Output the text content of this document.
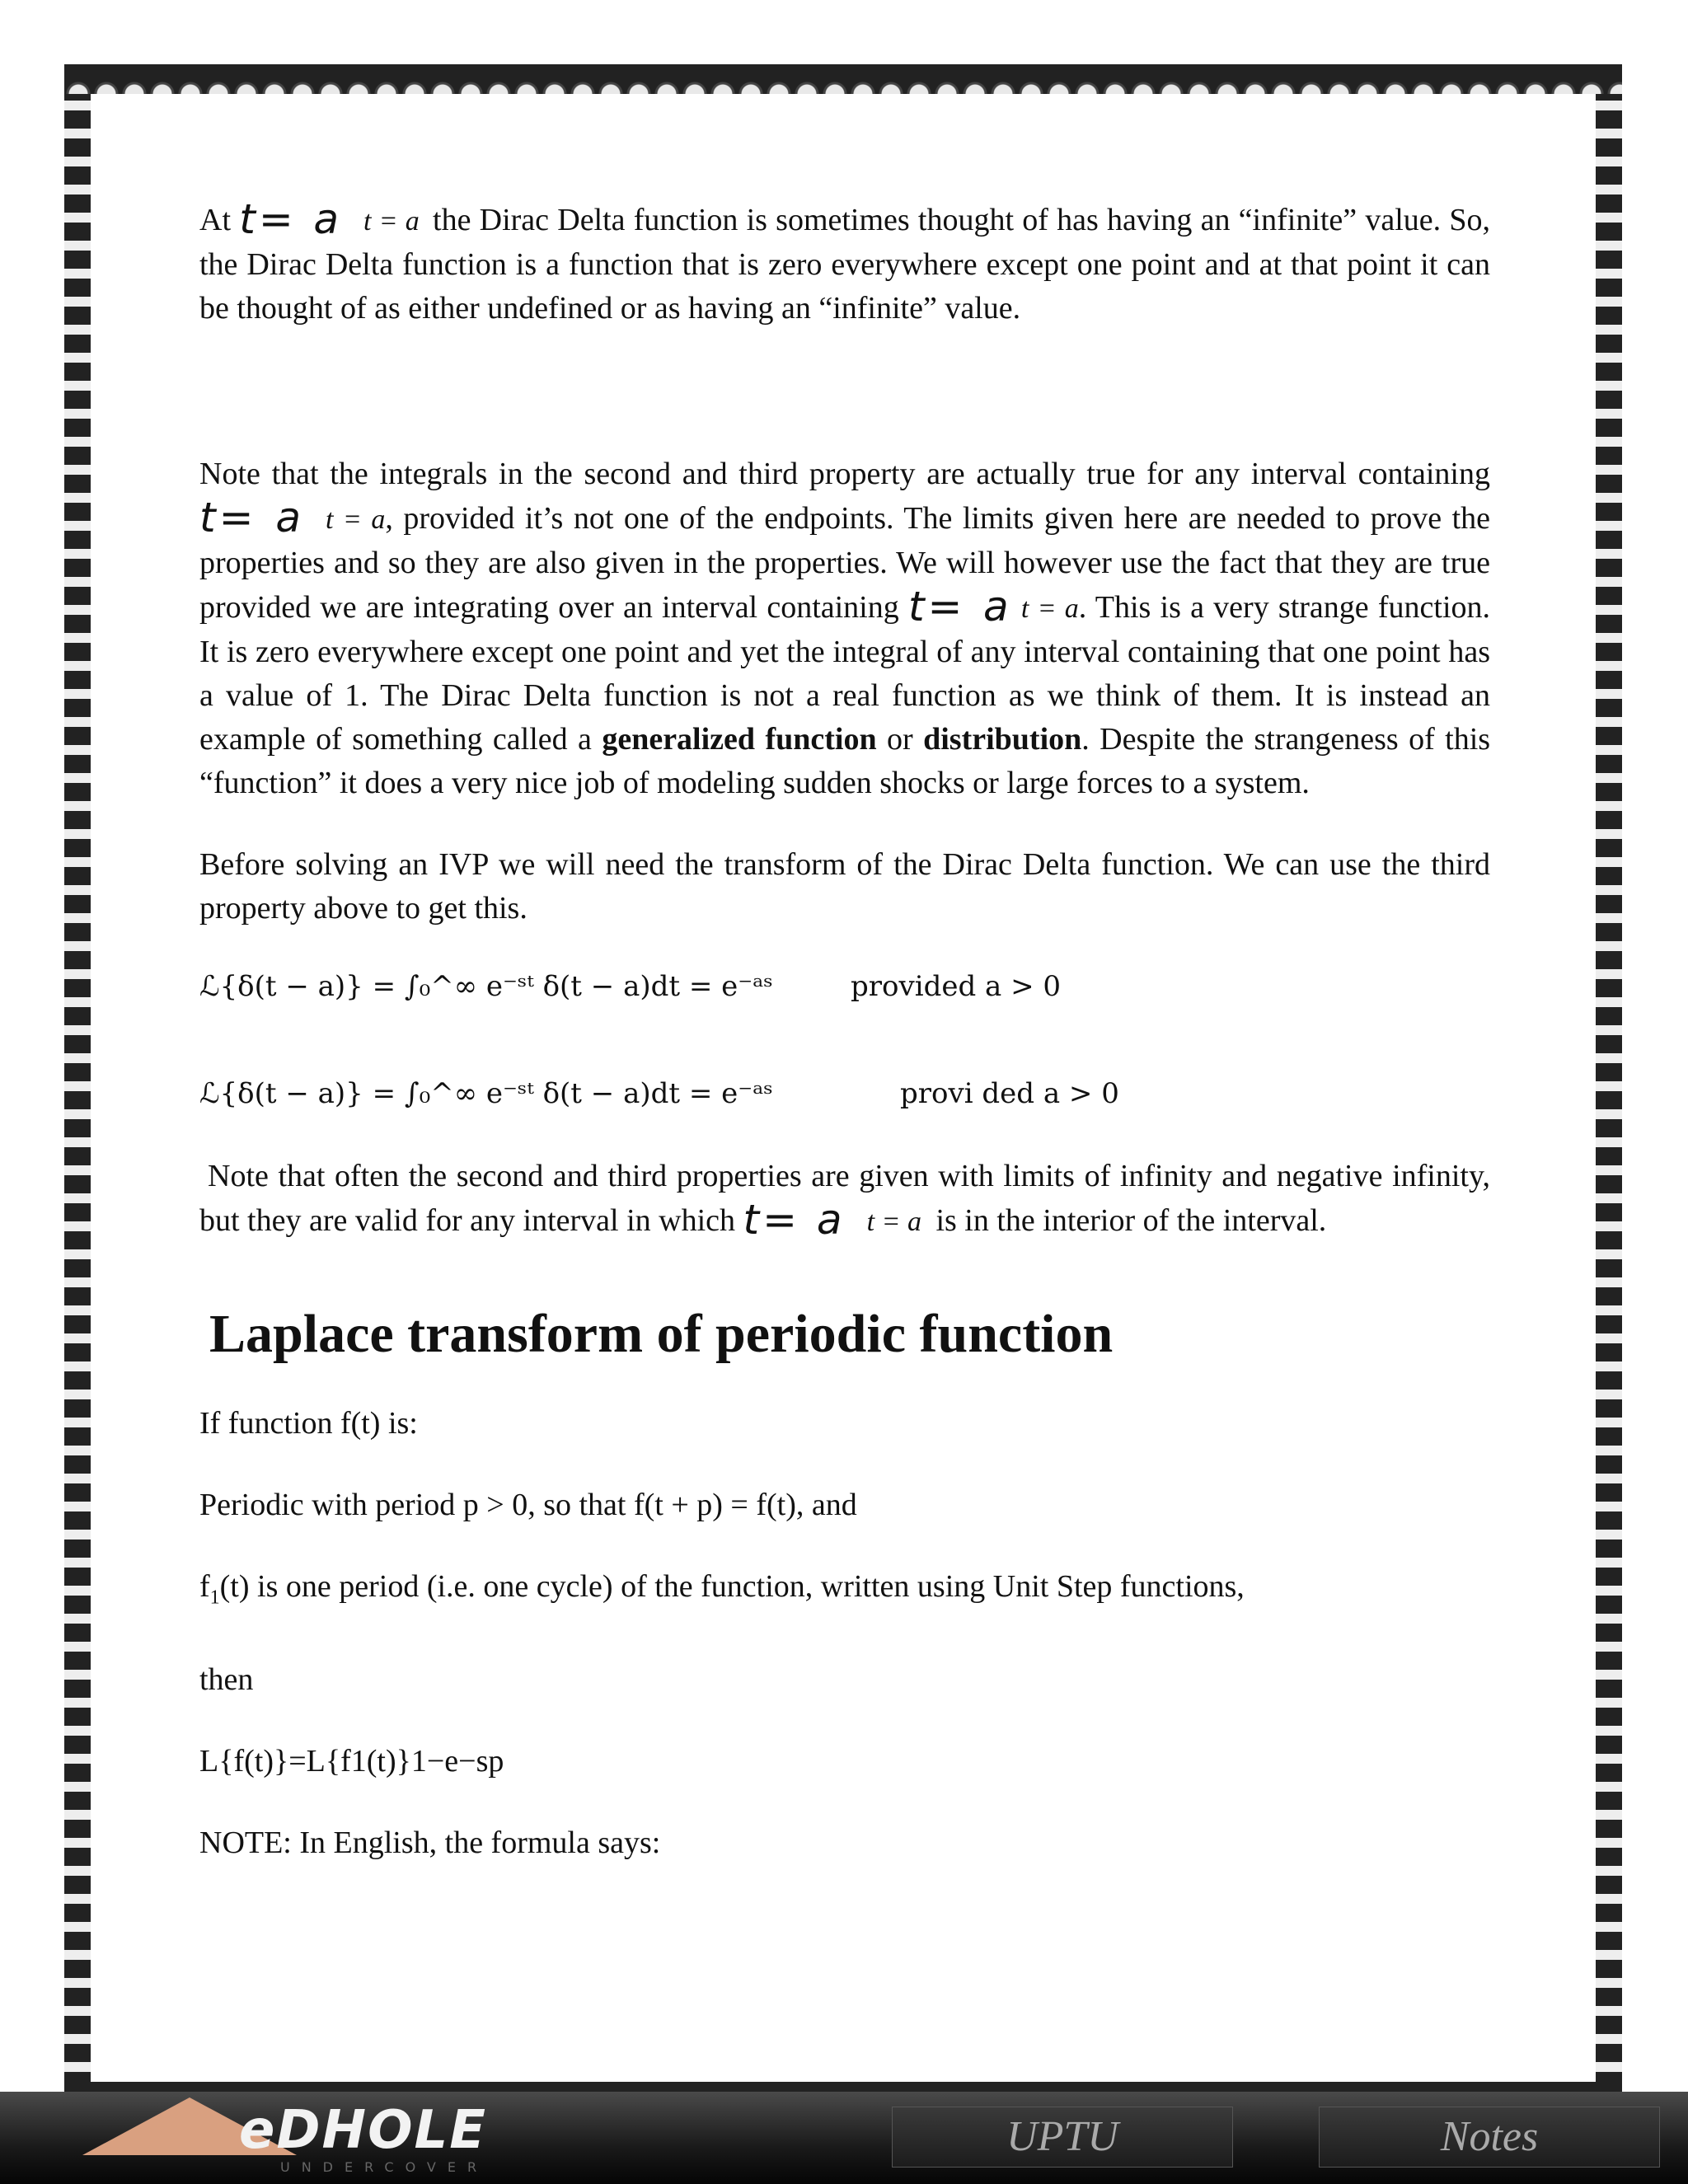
At t= a t = a the Dirac Delta function is sometimes thought of has having an “infinite” value. So, the Dirac Delta function is a function that is zero everywhere except one point and at that point it can be thought of as either undefined or as having an “infinite” value.

Note that the integrals in the second and third property are actually true for any interval containing t= a t = a, provided it’s not one of the endpoints. The limits given here are needed to prove the properties and so they are also given in the properties. We will however use the fact that they are true provided we are integrating over an interval containing t= a t = a. This is a very strange function. It is zero everywhere except one point and yet the integral of any interval containing that one point has a value of 1. The Dirac Delta function is not a real function as we think of them. It is instead an example of something called a generalized function or distribution. Despite the strangeness of this “function” it does a very nice job of modeling sudden shocks or large forces to a system.

Before solving an IVP we will need the transform of the Dirac Delta function. We can use the third property above to get this.

ℒ{δ(t − a)} = ∫₀^∞ e⁻ˢᵗ δ(t − a)dt = e⁻ᵃˢ	provided a > 0
ℒ{δ(t − a)} = ∫₀^∞ e⁻ˢᵗ δ(t − a)dt = e⁻ᵃˢ	provi ded a > 0

Note that often the second and third properties are given with limits of infinity and negative infinity, but they are valid for any interval in which t= a t = a is in the interior of the interval.

Laplace transform of periodic function

If function f(t) is:

Periodic with period p > 0, so that f(t + p) = f(t), and

$f_1(t)$ is one period (i.e. one cycle) of the function, written using Unit Step functions,

then

L{f(t)}=L{f1(t)}1−e−sp

NOTE: In English, the formula says:

eDHOLE
UNDERCOVER
UPTU	Notes
